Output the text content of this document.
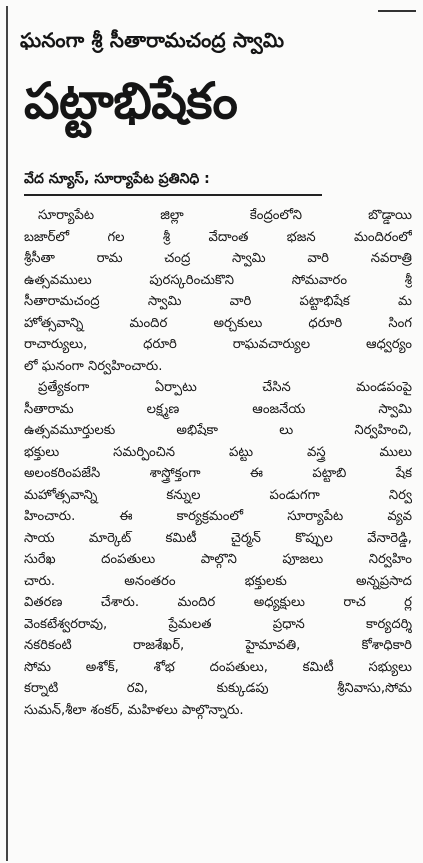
ఘనంగా శ్రీ సీతారామచంద్ర స్వామి
పట్టాభిషేకం
వేద న్యూస్, సూర్యాపేట ప్రతినిధి :
సూర్యాపేట జిల్లా కేంద్రంలోని బొడ్డాయి
బజార్‌లో గల శ్రీ వేదాంత భజన మందిరంలో
శ్రీసీతా రామ చంద్ర స్వామి వారి నవరాత్రి
ఉత్సవములు పురస్కరించుకొని సోమవారం శ్రీ
సీతారామచంద్ర స్వామి వారి పట్టాభిషేక మ
హోత్సవాన్ని మందిర అర్చకులు ధరూరి సింగ
రాచార్యులు, ధరూరి రాఘవచార్యుల ఆధ్వర్యం
లో ఘనంగా నిర్వహించారు.
ప్రత్యేకంగా ఏర్పాటు చేసిన మండపంపై
సీతారామ లక్ష్మణ ఆంజనేయ స్వామి
ఉత్సవమూర్తులకు అభిషేకా లు నిర్వహించి,
భక్తులు సమర్పించిన పట్టు వస్త్ర ములు
అలంకరింపజేసి శాస్త్రోక్తంగా ఈ పట్టాబి షేక
మహోత్సవాన్ని కన్నుల పండుగగా నిర్వ
హించారు. ఈ కార్యక్రమంలో సూర్యాపేట వ్యవ
సాయ మార్కెట్ కమిటీ చైర్మన్ కొప్పుల వేనారెడ్డి,
సురేఖ దంపతులు పాల్గొని పూజలు నిర్వహిం
చారు. అనంతరం భక్తులకు అన్నప్రసాద
వితరణ చేశారు. మందిర అధ్యక్షులు రాచ ర్ల
వెంకటేశ్వరరావు, ప్రేమలత ప్రధాన కార్యదర్శి
నకరికంటి రాజశేఖర్, హైమావతి, కోశాధికారి
సోమ అశోక్, శోభ దంపతులు, కమిటీ సభ్యులు
కర్నాటి రవి, కుక్కుడపు శ్రీనివాసు,సోమ
సుమన్,శీలా శంకర్, మహిళలు పాల్గొన్నారు.
